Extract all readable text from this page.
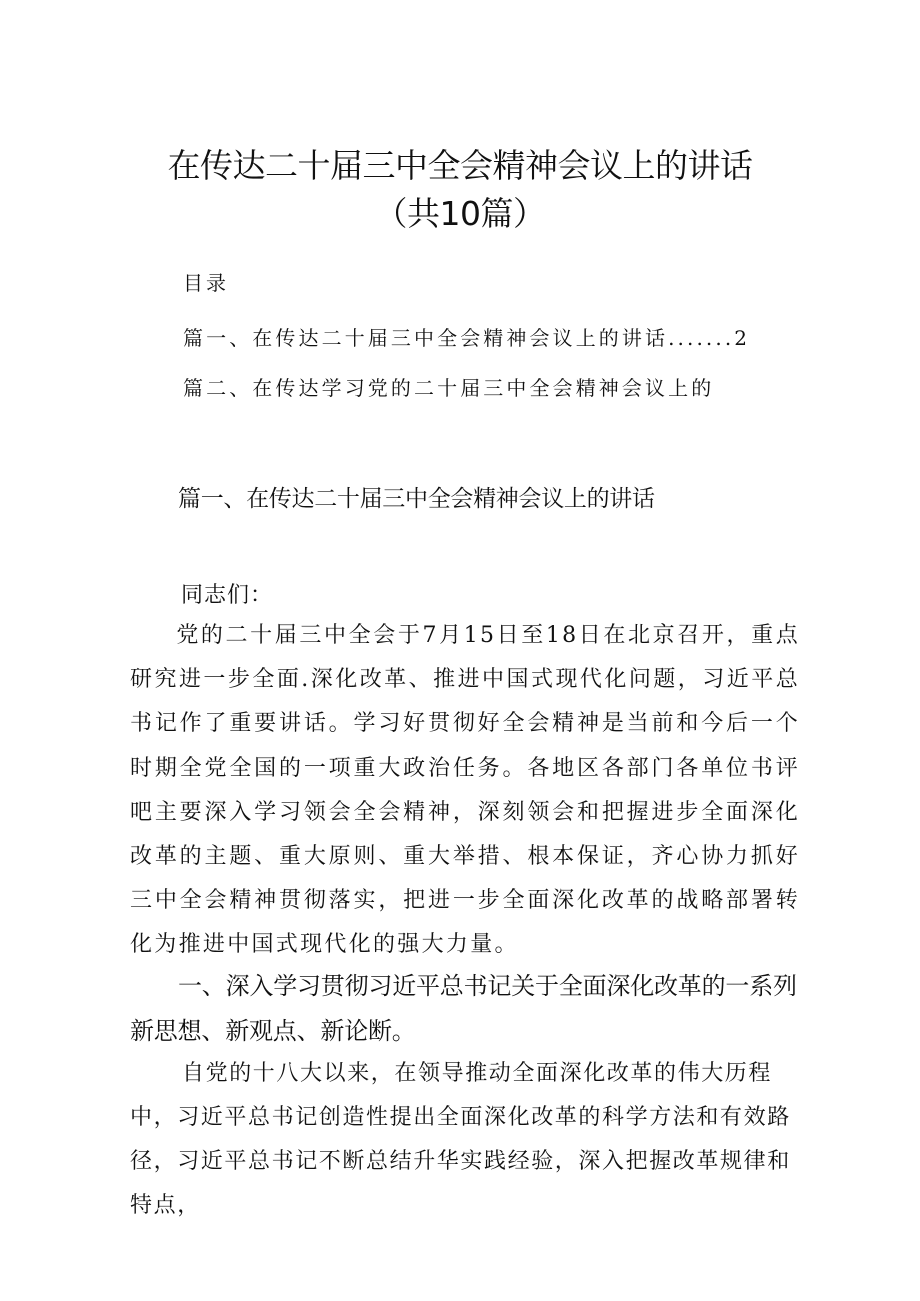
在传达二十届三中全会精神会议上的讲话
（共10篇）
目录
篇一、在传达二十届三中全会精神会议上的讲话.......2
篇二、在传达学习党的二十届三中全会精神会议上的
篇一、在传达二十届三中全会精神会议上的讲话
同志们：
党的二十届三中全会于7月15日至18日在北京召开，重点研究进一步全面.深化改革、推进中国式现代化问题，习近平总书记作了重要讲话。学习好贯彻好全会精神是当前和今后一个时期全党全国的一项重大政治任务。各地区各部门各单位书评吧主要深入学习领会全会精神，深刻领会和把握进步全面深化改革的主题、重大原则、重大举措、根本保证，齐心协力抓好三中全会精神贯彻落实，把进一步全面深化改革的战略部署转化为推进中国式现代化的强大力量。
一、深入学习贯彻习近平总书记关于全面深化改革的一系列新思想、新观点、新论断。
自党的十八大以来，在领导推动全面深化改革的伟大历程中，习近平总书记创造性提出全面深化改革的科学方法和有效路径，习近平总书记不断总结升华实践经验，深入把握改革规律和特点，
